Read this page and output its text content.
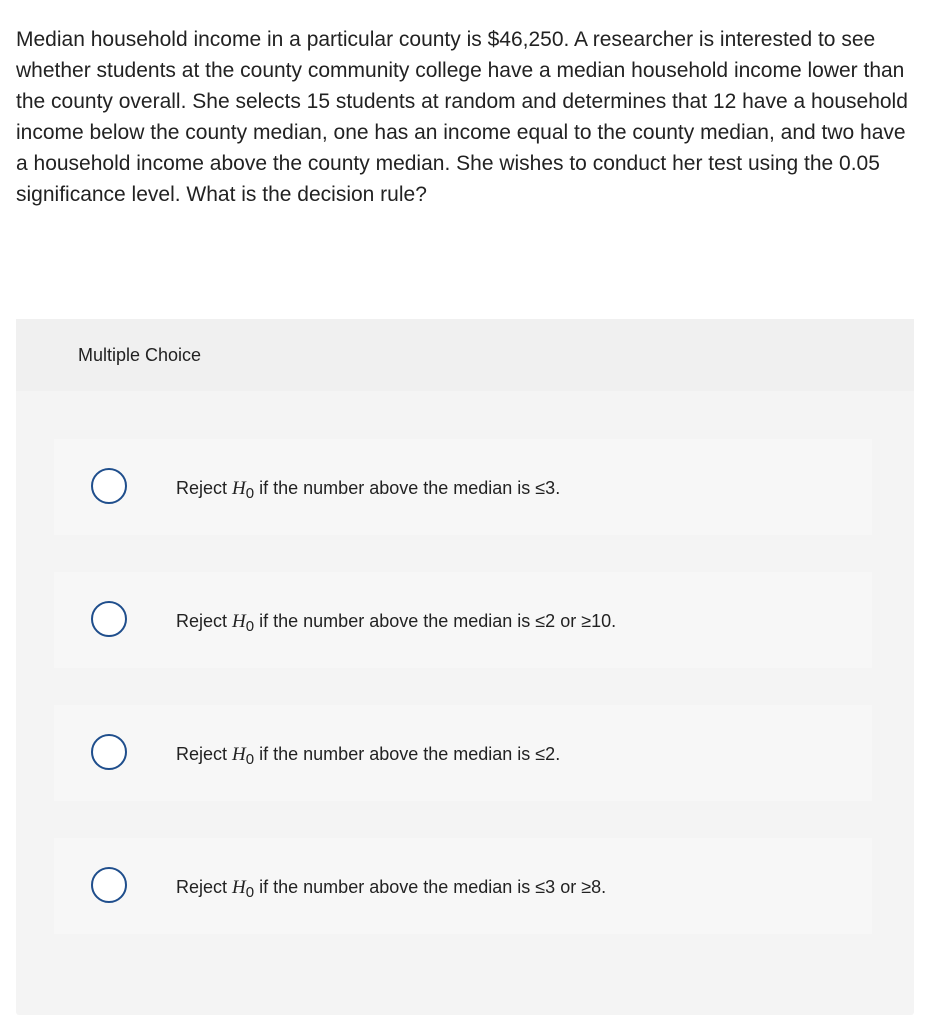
Median household income in a particular county is $46,250. A researcher is interested to see whether students at the county community college have a median household income lower than the county overall. She selects 15 students at random and determines that 12 have a household income below the county median, one has an income equal to the county median, and two have a household income above the county median. She wishes to conduct her test using the 0.05 significance level. What is the decision rule?

Multiple Choice
Reject $H_0$ if the number above the median is ≤3.
Reject $H_0$ if the number above the median is ≤2 or ≥10.
Reject $H_0$ if the number above the median is ≤2.
Reject $H_0$ if the number above the median is ≤3 or ≥8.
